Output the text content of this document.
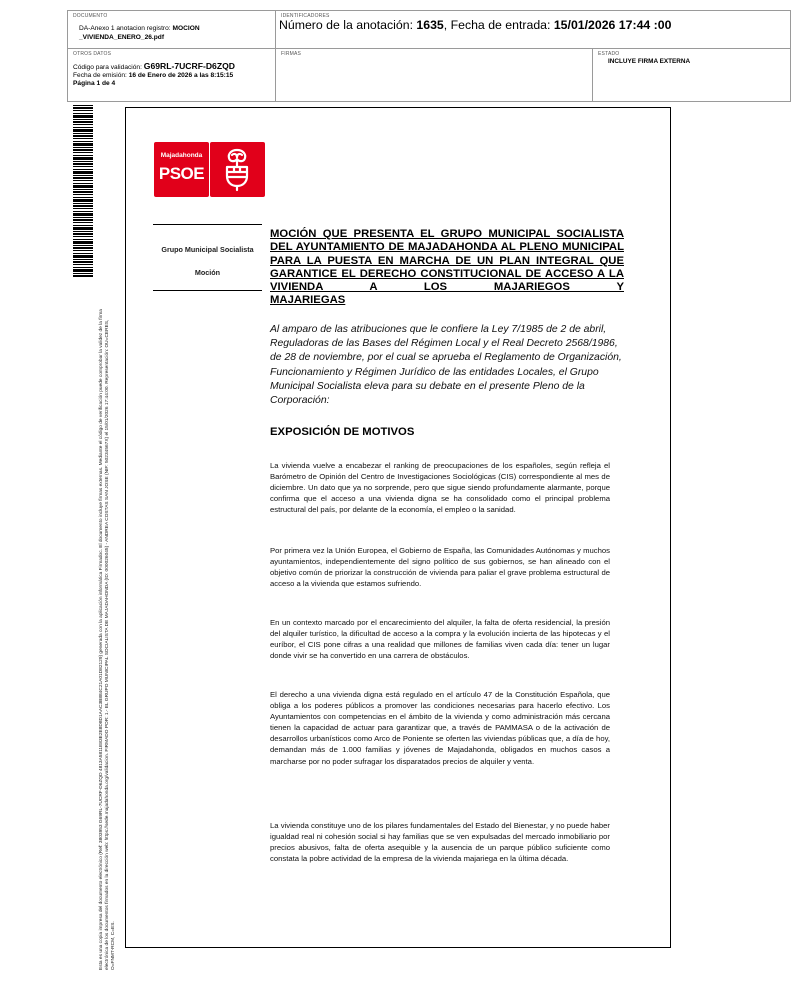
DOCUMENTO
DA-Anexo 1 anotacion registro: MOCION _VIVIENDA_ENERO_26.pdf
IDENTIFICADORES
Número de la anotación: 1635, Fecha de entrada: 15/01/2026 17:44 :00
OTROS DATOS
Código para validación: G69RL-7UCRF-D6ZQD
Fecha de emisión: 16 de Enero de 2026 a las 8:15:15
Página 1 de 4
FIRMAS	ESTADO
INCLUYE FIRMA EXTERNA
Esta es una copia impresa del documento electrónico (Ref: 3803953 G69RL-7UCRF-D6ZQD 4813A5811E83E2E8D8D1AAC3B884C21A01D82129) generada con la aplicación informática Firmadoc. El documento incluye firmas externas. Mediante el código de verificación puede comprobar la validez de la firma electrónica de los documentos firmados en la dirección web: https://sede.majadahonda.org/validacion. FIRMADO POR: 1.- EL GRUPO MUNICIPAL SOCIALISTA DE MAJADAHONDA (ID: 000026045) - ANDREA COSTAS SAN JOSE (NIF: 50234567X) el 15/01/2026 17:44:00. Representación: OU=CERES, O=FNMT-RCM, C=ES.
Majadahonda
PSOE
Grupo Municipal Socialista
Moción
MOCIÓN QUE PRESENTA EL GRUPO MUNICIPAL SOCIALISTA DEL AYUNTAMIENTO DE MAJADAHONDA AL PLENO MUNICIPAL PARA LA PUESTA EN MARCHA DE UN PLAN INTEGRAL QUE GARANTICE EL DERECHO CONSTITUCIONAL DE ACCESO A LA VIVIENDA A LOS MAJARIEGOS Y
MAJARIEGAS
Al amparo de las atribuciones que le confiere la Ley 7/1985 de 2 de abril, Reguladoras de las Bases del Régimen Local y el Real Decreto 2568/1986, de 28 de noviembre, por el cual se aprueba el Reglamento de Organización, Funcionamiento y Régimen Jurídico de las entidades Locales, el Grupo Municipal Socialista eleva para su debate en el presente Pleno de la Corporación:
EXPOSICIÓN DE MOTIVOS

La vivienda vuelve a encabezar el ranking de preocupaciones de los españoles, según refleja el Barómetro de Opinión del Centro de Investigaciones Sociológicas (CIS) correspondiente al mes de diciembre. Un dato que ya no sorprende, pero que sigue siendo profundamente alarmante, porque confirma que el acceso a una vivienda digna se ha consolidado como el principal problema estructural del país, por delante de la economía, el empleo o la sanidad.

Por primera vez la Unión Europea, el Gobierno de España, las Comunidades Autónomas y muchos ayuntamientos, independientemente del signo político de sus gobiernos, se han alineado con el objetivo común de priorizar la construcción de vivienda para paliar el grave problema estructural de acceso a la vivienda que estamos sufriendo.

En un contexto marcado por el encarecimiento del alquiler, la falta de oferta residencial, la presión del alquiler turístico, la dificultad de acceso a la compra y la evolución incierta de las hipotecas y el euríbor, el CIS pone cifras a una realidad que millones de familias viven cada día: tener un lugar donde vivir se ha convertido en una carrera de obstáculos.

El derecho a una vivienda digna está regulado en el artículo 47 de la Constitución Española, que obliga a los poderes públicos a promover las condiciones necesarias para hacerlo efectivo. Los Ayuntamientos con competencias en el ámbito de la vivienda y como administración más cercana tienen la capacidad de actuar para garantizar que, a través de PAMMASA o de la activación de desarrollos urbanísticos como Arco de Poniente se oferten las viviendas públicas que, a día de hoy, demandan más de 1.000 familias y jóvenes de Majadahonda, obligados en muchos casos a marcharse por no poder sufragar los disparatados precios de alquiler y venta.

La vivienda constituye uno de los pilares fundamentales del Estado del Bienestar, y no puede haber igualdad real ni cohesión social si hay familias que se ven expulsadas del mercado inmobiliario por precios abusivos, falta de oferta asequible y la ausencia de un parque público suficiente como constata la pobre actividad de la empresa de la vivienda majariega en la última década.
